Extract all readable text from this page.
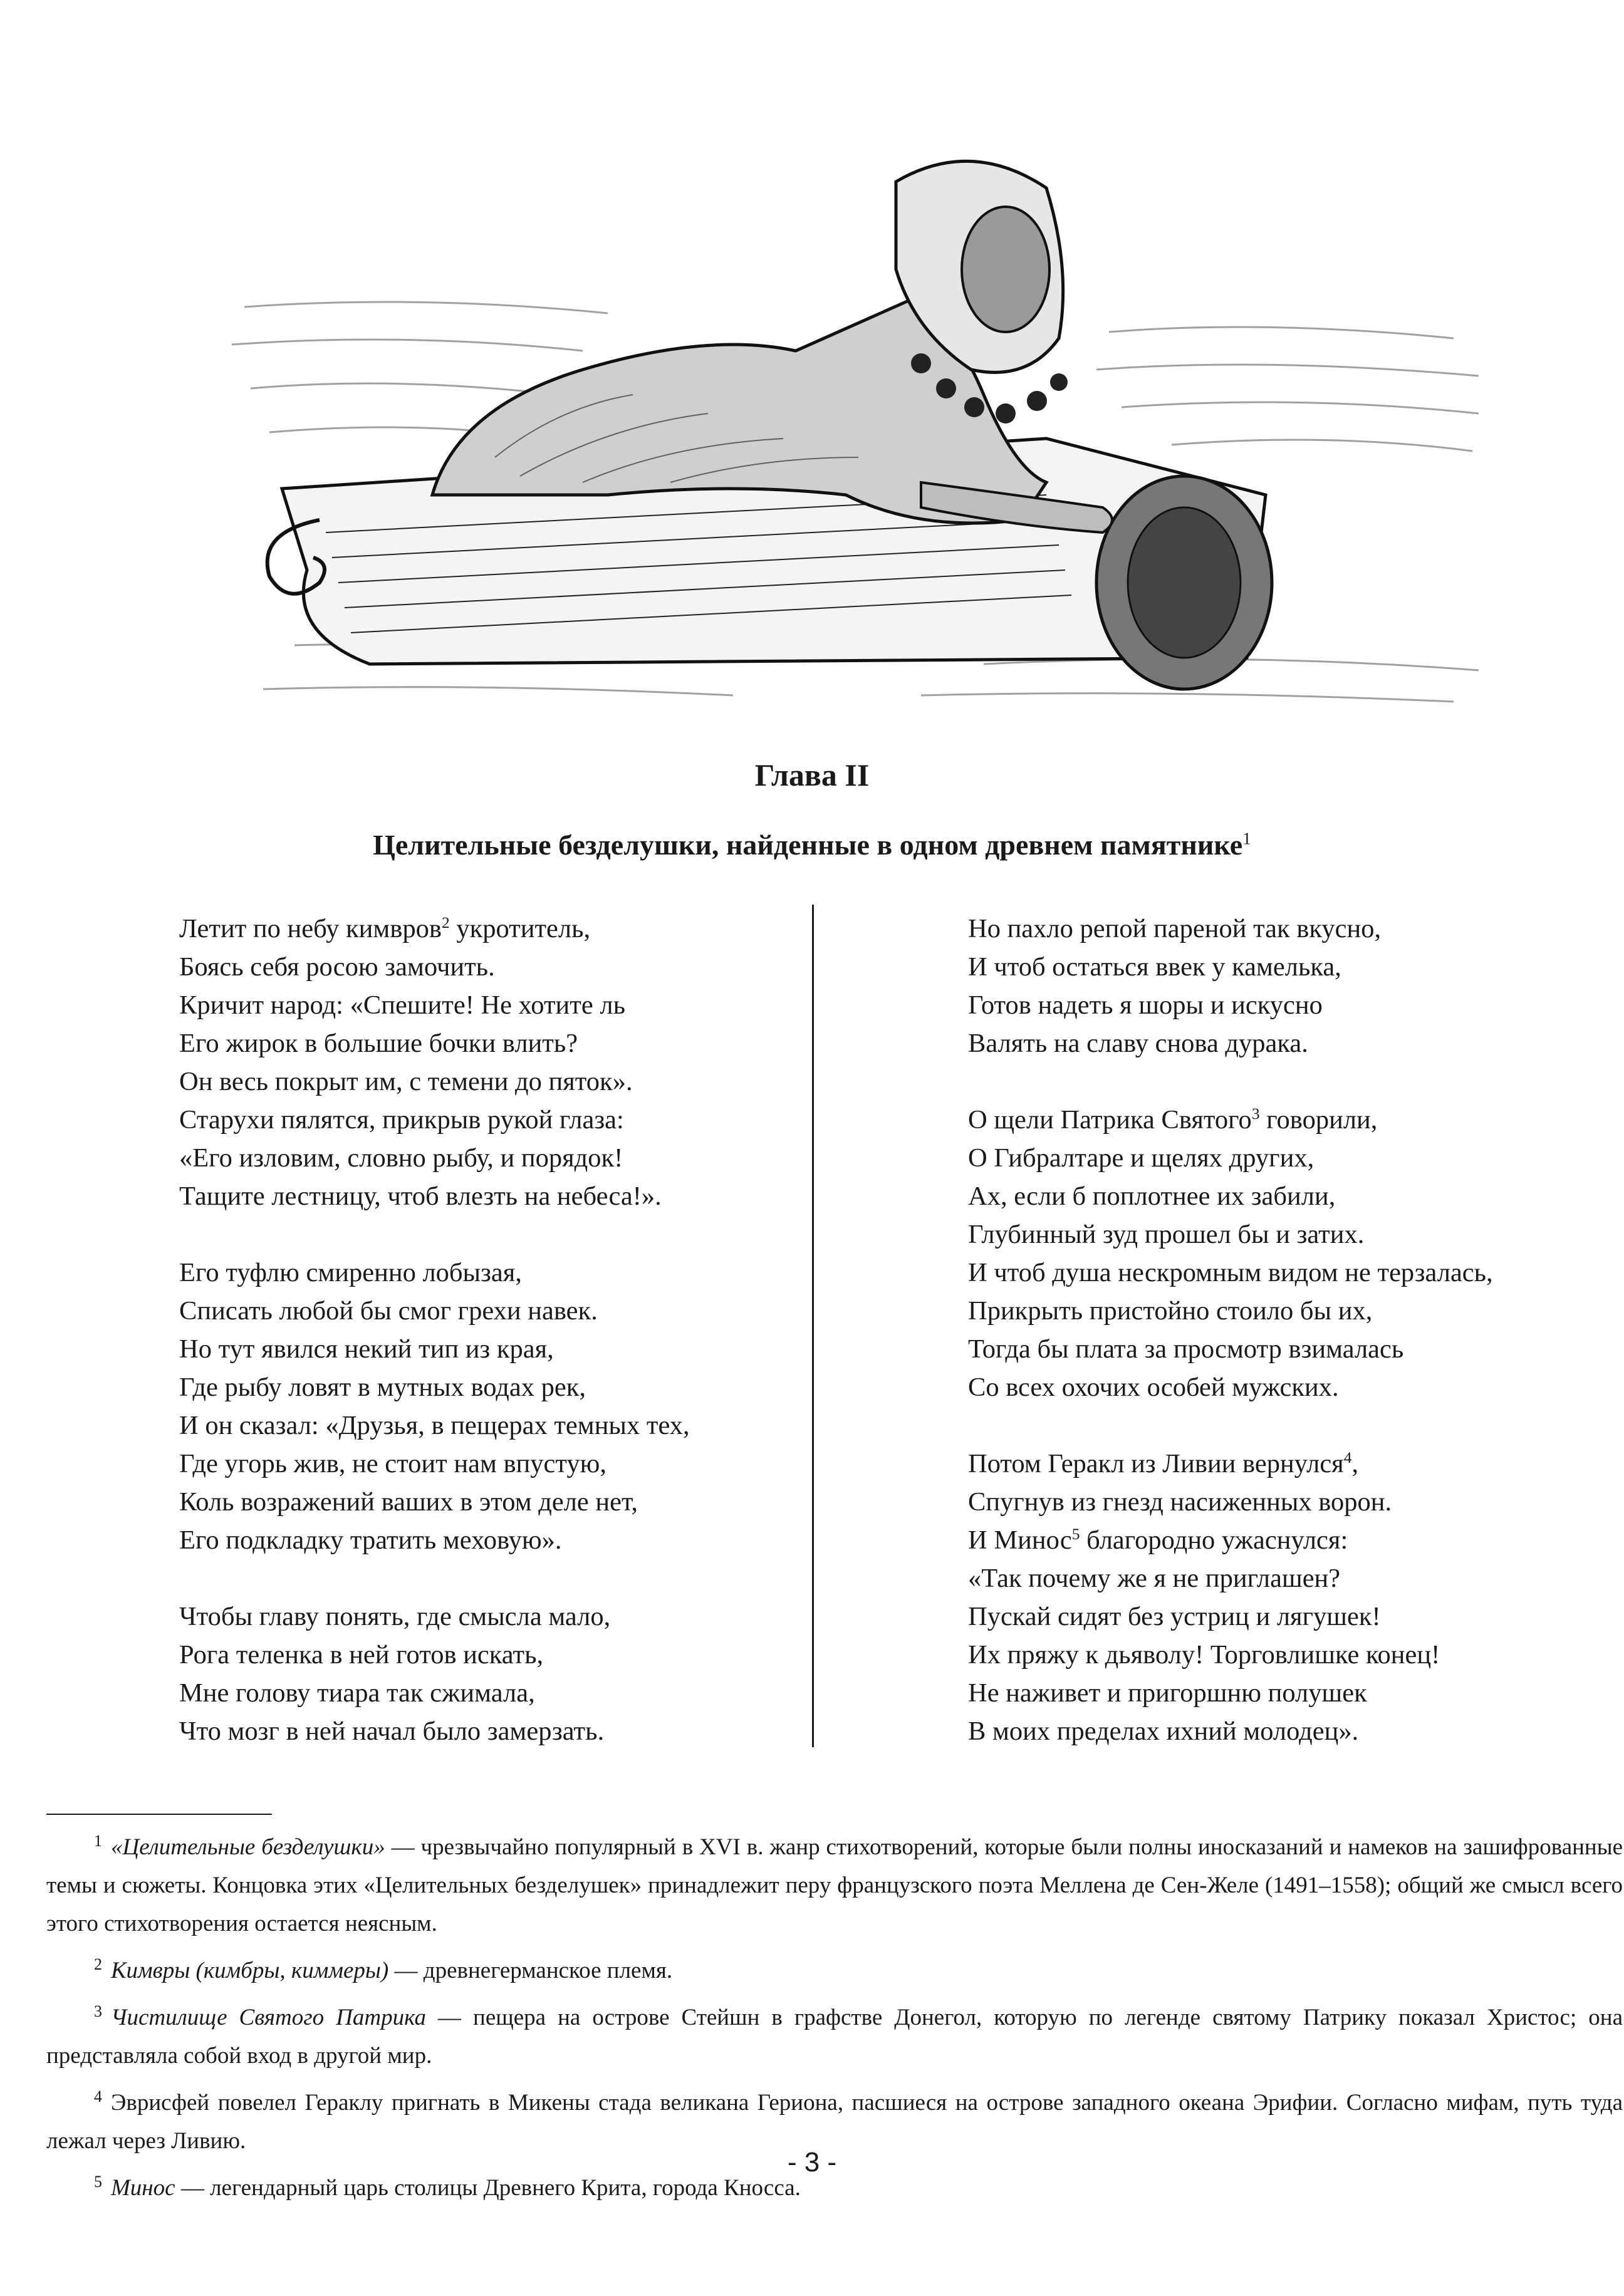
Глава II
Целительные безделушки, найденные в одном древнем памятнике$^1$
Летит по небу кимвров$^2$ укротитель,
Боясь себя росою замочить.
Кричит народ: «Спешите! Не хотите ль
Его жирок в большие бочки влить?
Он весь покрыт им, с темени до пяток».
Старухи пялятся, прикрыв рукой глаза:
«Его изловим, словно рыбу, и порядок!
Тащите лестницу, чтоб влезть на небеса!».
Его туфлю смиренно лобызая,
Списать любой бы смог грехи навек.
Но тут явился некий тип из края,
Где рыбу ловят в мутных водах рек,
И он сказал: «Друзья, в пещерах темных тех,
Где угорь жив, не стоит нам впустую,
Коль возражений ваших в этом деле нет,
Его подкладку тратить меховую».
Чтобы главу понять, где смысла мало,
Рога теленка в ней готов искать,
Мне голову тиара так сжимала,
Что мозг в ней начал было замерзать.
Но пахло репой пареной так вкусно,
И чтоб остаться ввек у камелька,
Готов надеть я шоры и искусно
Валять на славу снова дурака.
О щели Патрика Святого$^3$ говорили,
О Гибралтаре и щелях других,
Ах, если б поплотнее их забили,
Глубинный зуд прошел бы и затих.
И чтоб душа нескромным видом не терзалась,
Прикрыть пристойно стоило бы их,
Тогда бы плата за просмотр взималась
Со всех охочих особей мужских.
Потом Геракл из Ливии вернулся$^4$,
Спугнув из гнезд насиженных ворон.
И Минос$^5$ благородно ужаснулся:
«Так почему же я не приглашен?
Пускай сидят без устриц и лягушек!
Их пряжу к дьяволу! Торговлишке конец!
Не наживет и пригоршню полушек
В моих пределах ихний молодец».
$^1$ «Целительные безделушки» — чрезвычайно популярный в XVI в. жанр стихотворений, которые были полны иносказаний и намеков на зашифрованные темы и сюжеты. Концовка этих «Целительных безделушек» принадлежит перу французского поэта Меллена де Сен-Желе (1491–1558); общий же смысл всего этого стихотворения остается неясным.
$^2$ Кимвры (кимбры, киммеры) — древнегерманское племя.
$^3$ Чистилище Святого Патрика — пещера на острове Стейшн в графстве Донегол, которую по легенде святому Патрику показал Христос; она представляла собой вход в другой мир.
$^4$ Эврисфей повелел Гераклу пригнать в Микены стада великана Гериона, пасшиеся на острове западного океана Эрифии. Согласно мифам, путь туда лежал через Ливию.
$^5$ Минос — легендарный царь столицы Древнего Крита, города Кносса.
- 3 -
